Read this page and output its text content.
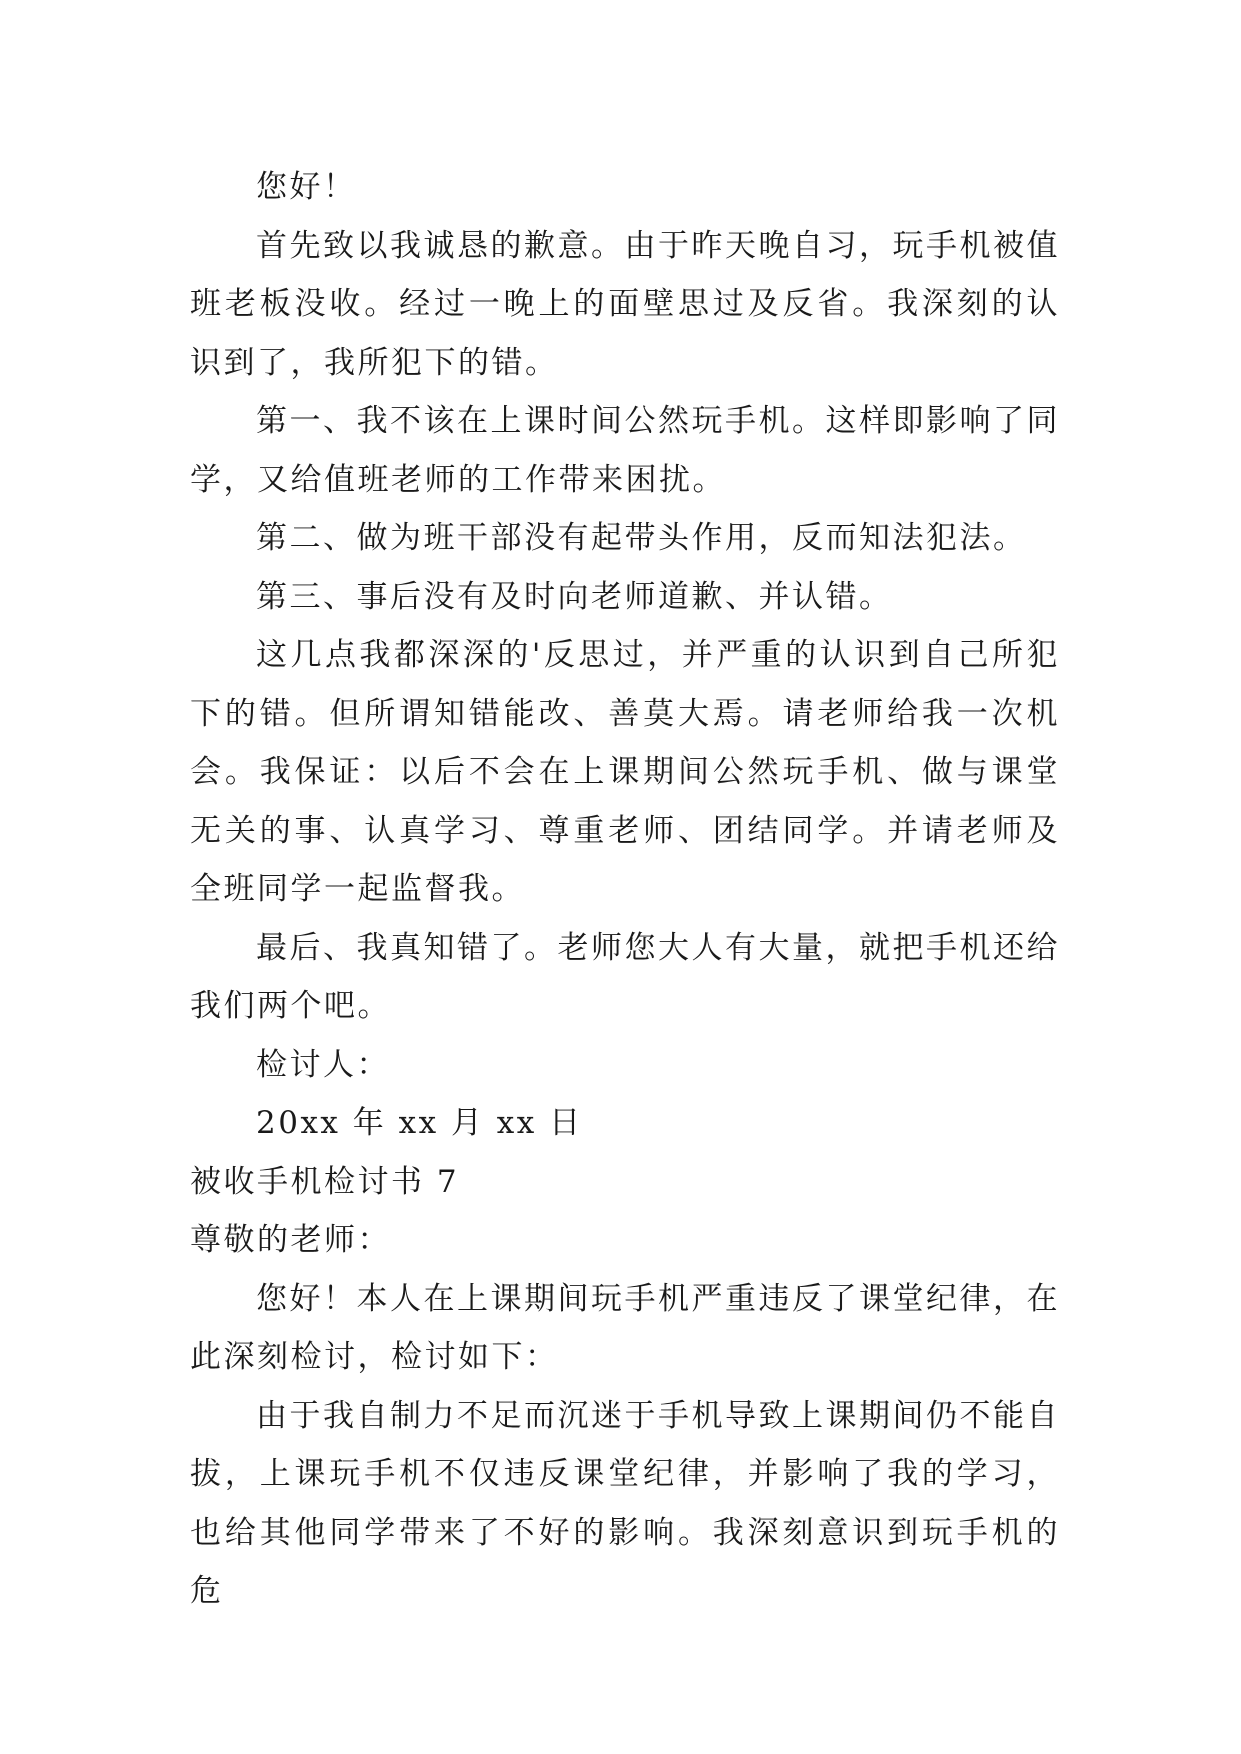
您好！

首先致以我诚恳的歉意。由于昨天晚自习，玩手机被值班老板没收。经过一晚上的面壁思过及反省。我深刻的认识到了，我所犯下的错。

第一、我不该在上课时间公然玩手机。这样即影响了同学，又给值班老师的工作带来困扰。

第二、做为班干部没有起带头作用，反而知法犯法。

第三、事后没有及时向老师道歉、并认错。

这几点我都深深的'反思过，并严重的认识到自己所犯下的错。但所谓知错能改、善莫大焉。请老师给我一次机会。我保证：以后不会在上课期间公然玩手机、做与课堂无关的事、认真学习、尊重老师、团结同学。并请老师及全班同学一起监督我。

最后、我真知错了。老师您大人有大量，就把手机还给我们两个吧。

检讨人：

20xx 年 xx 月 xx 日

被收手机检讨书 7

尊敬的老师：

您好！本人在上课期间玩手机严重违反了课堂纪律，在此深刻检讨，检讨如下：

由于我自制力不足而沉迷于手机导致上课期间仍不能自拔，上课玩手机不仅违反课堂纪律，并影响了我的学习，也给其他同学带来了不好的影响。我深刻意识到玩手机的危
